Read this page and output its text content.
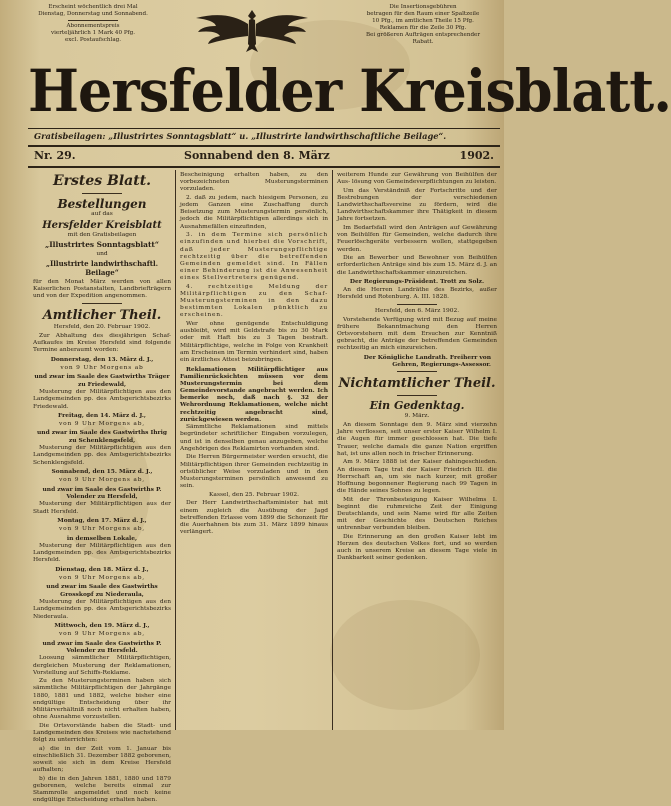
Erscheint wöchentlich drei Mal
Dienstag, Donnerstag und Sonnabend.
Abonnementspreis
vierteljährlich 1 Mark 40 Pfg.
excl. Postaufschlag.
Die Insertionsgebühren
betragen für den Raum einer Spaltzeile
10 Pfg., im amtlichen Theile 15 Pfg.
Reklamen für die Zeile 30 Pfg.
Bei größeren Aufträgen entsprechender
Rabatt.
Hersfelder Kreisblatt.
Gratisbeilagen: „Illustrirtes Sonntagsblatt“ u. „Illustrirte landwirthschaftliche Beilage“.
Nr. 29.	Sonnabend den 8. März	1902.
Erstes Blatt.
Bestellungen

auf das

Hersfelder Kreisblatt

mit den Gratisbeilagen

„Illustrirtes Sonntagsblatt“

und

„Illustrirte landwirthschaftl. Beilage“

für den Monat März werden von allen Kaiserlichen Postanstalten, Landbriefträgern und von der Expedition angenommen.

Amtlicher Theil.

Hersfeld, den 20. Februar 1902.

Zur Abhaltung des diesjährigen Schaf-Aufkaufes im Kreise Hersfeld sind folgende Termine anberaumt worden:

Donnerstag, den 13. März d. J.,

von 9 Uhr Morgens ab

und zwar im Saale des Gastwirths Träger zu Friedewald,

Musterung der Militärpflichtigen aus den Landgemeinden pp. des Amtsgerichtsbezirks Friedewald.

Freitag, den 14. März d. J.,

von 9 Uhr Morgens ab,

und zwar im Saale des Gastwirths Ihrig zu Schenklengsfeld,

Musterung der Militärpflichtigen aus den Landgemeinden pp. des Amtsgerichtsbezirks Schenklengsfeld.

Sonnabend, den 15. März d. J.,

von 9 Uhr Morgens ab,

und zwar im Saale des Gastwirths P. Volender zu Hersfeld,

Musterung der Militärpflichtigen aus der Stadt Hersfeld.

Montag, den 17. März d. J.,

von 9 Uhr Morgens ab,

in demselben Lokale,

Musterung der Militärpflichtigen aus den Landgemeinden pp. des Amtsgerichtsbezirks Hersfeld.

Dienstag, den 18. März d. J.,

von 9 Uhr Morgens ab,

und zwar im Saale des Gastwirths Grosskopf zu Niederaula,

Musterung der Militärpflichtigen aus den Landgemeinden pp. des Amtsgerichtsbezirks Niederaula.

Mittwoch, den 19. März d. J.,

von 9 Uhr Morgens ab,

und zwar im Saale des Gastwirths P. Volender zu Hersfeld.

Loosung sämmtlicher Militärpflichtigen, dergleichen Musterung der Reklamationen, Vorstellung auf Schiffs-Reklame.

Zu den Musterungsterminen haben sich sämmtliche Militärpflichtigen der Jahrgänge 1880, 1881 und 1882, welche bisher eine endgültige Entscheidung über ihr Militärverhältniß noch nicht erhalten haben, ohne Ausnahme vorzustellen.

Die Ortsvorstände haben die Stadt- und Landgemeinden des Kreises wie nachstehend folgt zu unterrichten:

a) die in der Zeit vom 1. Januar bis einschließlich 31. Dezember 1882 geborenen, soweit sie sich in dem Kreise Hersfeld aufhalten;

b) die in den Jahren 1881, 1880 und 1879 geborenen, welche bereits einmal zur Stammrolle angemeldet und noch keine endgültige Entscheidung erhalten haben.

Bescheinigung erhalten haben, zu den vorbezeichneten Musterungsterminen vorzuladen.

2. daß zu jedem, nach hiesigem Personen, zu jedem Ganzen eine Zuschaffung durch Beisetzung zum Musterungstermin persönlich, jedoch die Militärpflichtigen allerdings sich in Ausnahmefällen einzufinden,

3. in dem Termine sich persönlich einzufinden und hierbei die Vorschrift, daß jeder Musterungspflichtige rechtzeitig über die betreffenden Gemeinden gemeldet sind. In Fällen einer Behinderung ist die Anwesenheit eines Stellvertreters genügend.

4. rechtzeitige Meldung der Militärpflichtigen zu den Schaf-Musterungsterminen in den dazu bestimmten Lokalen pünktlich zu erscheinen.

Wer ohne genügende Entschuldigung ausbleibt, wird mit Geldstrafe bis zu 30 Mark oder mit Haft bis zu 3 Tagen bestraft. Militärpflichtige, welche in Folge von Krankheit am Erscheinen im Termin verhindert sind, haben ein ärztliches Attest beizubringen.

Reklamationen Militärpflichtiger aus Familienrücksichten müssen vor dem Musterungstermin bei dem Gemeindevorstande angebracht werden. Ich bemerke noch, daß nach §. 32 der Wehrordnung Reklamationen, welche nicht rechtzeitig angebracht sind, zurückgewiesen werden.

Sämmtliche Reklamationen sind mittels begründeter schriftlicher Eingaben vorzulegen, und ist in denselben genau anzugeben, welche Angehörigen des Reklamirten vorhanden sind.

Die Herren Bürgermeister werden ersucht, die Militärpflichtigen ihrer Gemeinden rechtzeitig in ortsüblicher Weise vorzuladen und in den Musterungsterminen persönlich anwesend zu sein.

Kassel, den 25. Februar 1902.

Der Herr Landwirthschaftsminister hat mit einem zugleich die Ausübung der Jagd betreffenden Erlasse vom 1899 die Schonzeit für die Auerhahnen bis zum 31. März 1899 hinaus verlängert.

weiterem Hunde zur Gewährung von Beihülfen der Aus- lösung von Gemeindeverpflichtungen zu leisten.

Um das Verständniß der Fortschritte und der Bestrebungen der verschiedenen Landwirthschaftsvereine zu fördern, wird die Landwirthschaftskammer ihre Thätigkeit in diesem Jahre fortsetzen.

Im Bedarfsfall wird den Anträgen auf Gewährung von Beihülfen für Gemeinden, welche dadurch ihre Feuerlöschgeräte verbessern wollen, stattgegeben werden.

Die an Bewerber und Bewohner von Beihülfen erforderlichen Anträge sind bis zum 15. März d. J. an die Landwirthschaftskammer einzureichen.

Der Regierungs-Präsident. Trott zu Solz.

An die Herren Landräthe des Bezirks, außer Hersfeld und Rotenburg. A. III. 1828.

Hersfeld, den 6. März 1902.

Vorstehende Verfügung wird mit Bezug auf meine frühere Bekanntmachung den Herren Ortsvorstehern mit dem Ersuchen zur Kenntniß gebracht, die Anträge der betreffenden Gemeinden rechtzeitig an mich einzureichen.

Der Königliche Landrath. Freiherr von Gehren, Regierungs-Assessor.

Nichtamtlicher Theil.
Ein Gedenktag.

9. März.

An diesem Sonntage den 9. März sind vierzehn Jahre verflossen, seit unser erster Kaiser Wilhelm I. die Augen für immer geschlossen hat. Die tiefe Trauer, welche damals die ganze Nation ergriffen hat, ist uns allen noch in frischer Erinnerung.

Am 9. März 1888 ist der Kaiser dahingeschieden. An diesem Tage trat der Kaiser Friedrich III. die Herrschaft an, um sie nach kurzer, mit großer Hoffnung begonnener Regierung nach 99 Tagen in die Hände seines Sohnes zu legen.

Mit der Thronbesteigung Kaiser Wilhelms I. beginnt die ruhmreiche Zeit der Einigung Deutschlands, und sein Name wird für alle Zeiten mit der Geschichte des Deutschen Reiches untrennbar verbunden bleiben.

Die Erinnerung an den großen Kaiser lebt im Herzen des deutschen Volkes fort, und so werden auch in unserem Kreise an diesem Tage viele in Dankbarkeit seiner gedenken.
